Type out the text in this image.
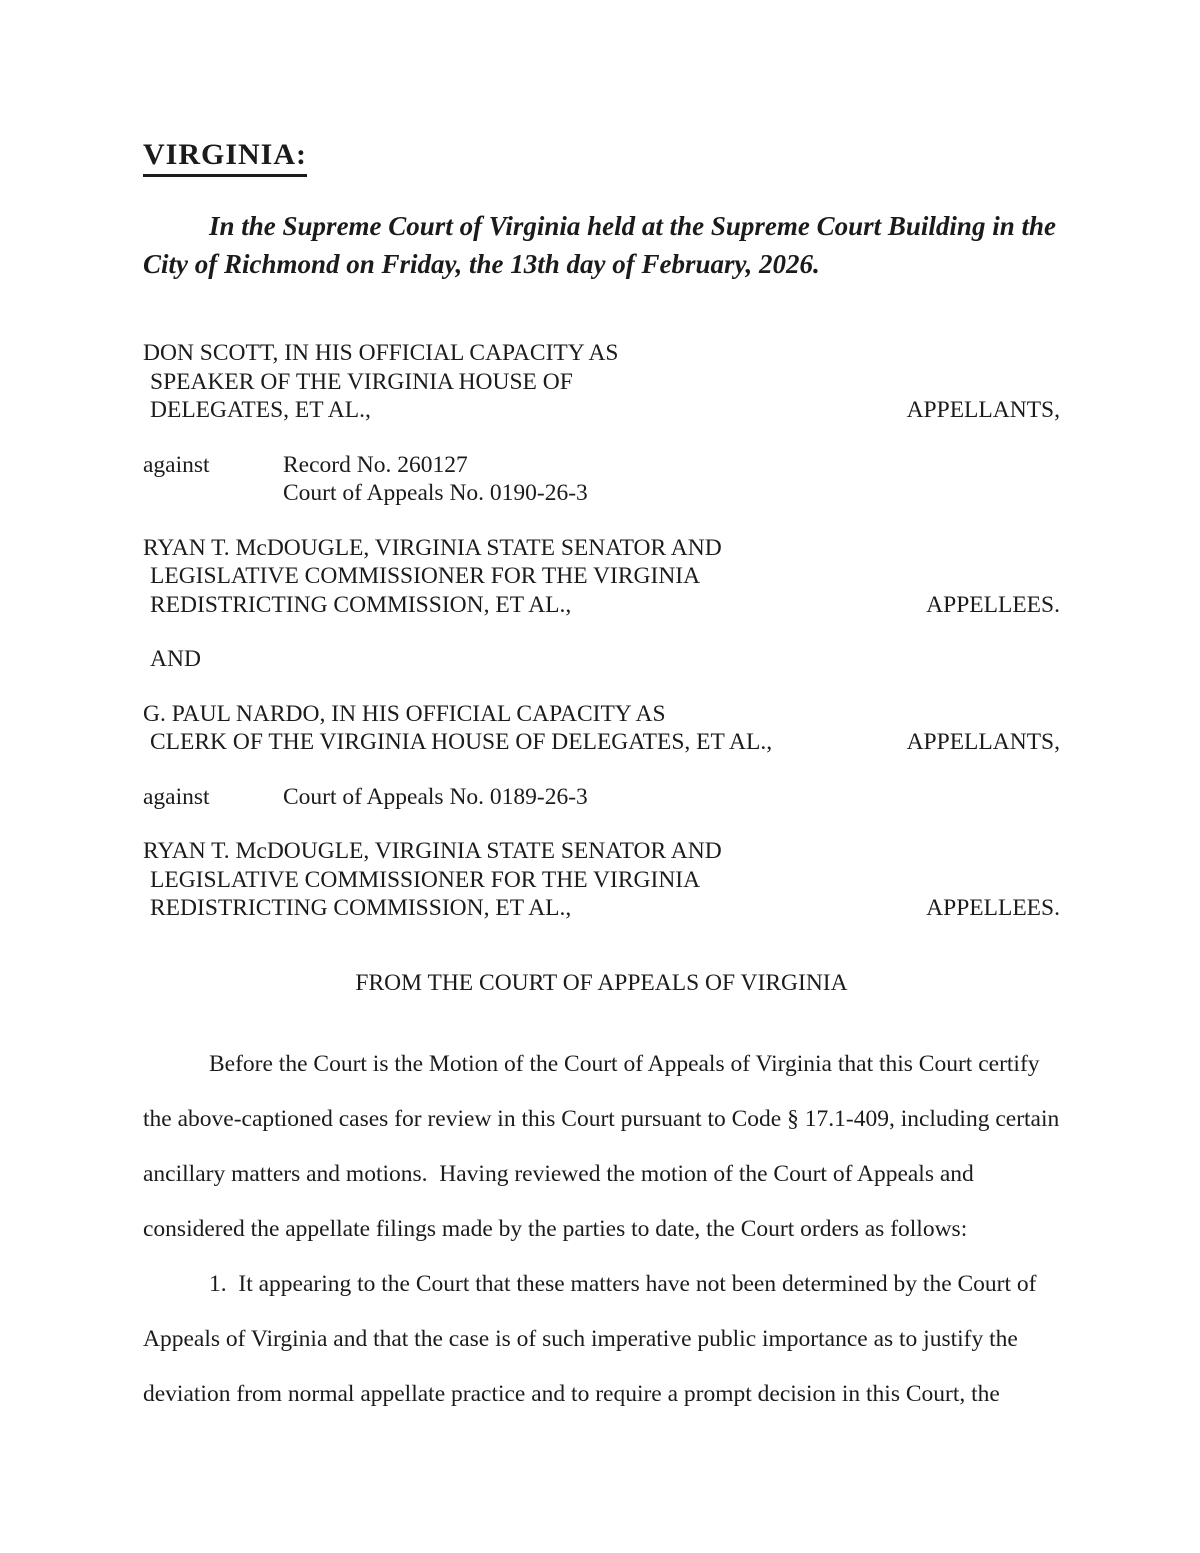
VIRGINIA:

In the Supreme Court of Virginia held at the Supreme Court Building in the City of Richmond on Friday, the 13th day of February, 2026.

DON SCOTT, IN HIS OFFICIAL CAPACITY AS
SPEAKER OF THE VIRGINIA HOUSE OF
DELEGATES, ET AL.,	APPELLANTS,
against	Record No. 260127
Court of Appeals No. 0190-26-3
RYAN T. McDOUGLE, VIRGINIA STATE SENATOR AND
LEGISLATIVE COMMISSIONER FOR THE VIRGINIA
REDISTRICTING COMMISSION, ET AL.,	APPELLEES.
AND
G. PAUL NARDO, IN HIS OFFICIAL CAPACITY AS
CLERK OF THE VIRGINIA HOUSE OF DELEGATES, ET AL.,	APPELLANTS,
against	Court of Appeals No. 0189-26-3
RYAN T. McDOUGLE, VIRGINIA STATE SENATOR AND
LEGISLATIVE COMMISSIONER FOR THE VIRGINIA
REDISTRICTING COMMISSION, ET AL.,	APPELLEES.
FROM THE COURT OF APPEALS OF VIRGINIA

Before the Court is the Motion of the Court of Appeals of Virginia that this Court certify the above-captioned cases for review in this Court pursuant to Code § 17.1-409, including certain ancillary matters and motions.  Having reviewed the motion of the Court of Appeals and considered the appellate filings made by the parties to date, the Court orders as follows:

1.  It appearing to the Court that these matters have not been determined by the Court of Appeals of Virginia and that the case is of such imperative public importance as to justify the deviation from normal appellate practice and to require a prompt decision in this Court, the
